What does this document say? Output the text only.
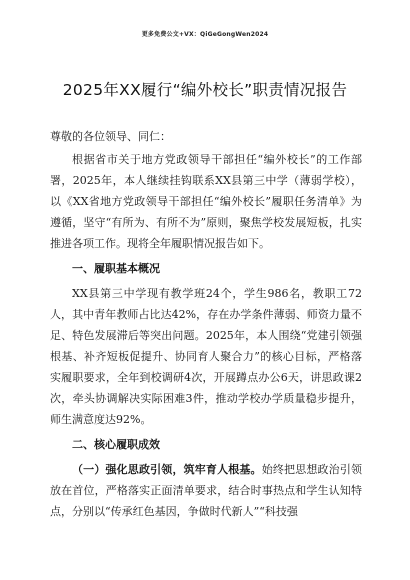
更多免费公文+VX：QiGeGongWen2024
2025年XX履行“编外校长”职责情况报告

尊敬的各位领导、同仁：

根据省市关于地方党政领导干部担任“编外校长”的工作部署，2025年，本人继续挂钩联系XX县第三中学（薄弱学校），以《XX省地方党政领导干部担任“编外校长”履职任务清单》为遵循，坚守“有所为、有所不为”原则，聚焦学校发展短板，扎实推进各项工作。现将全年履职情况报告如下。

一、履职基本概况

XX县第三中学现有教学班24个，学生986名，教职工72人，其中青年教师占比达42%，存在办学条件薄弱、师资力量不足、特色发展滞后等突出问题。2025年，本人围绕“党建引领强根基、补齐短板促提升、协同育人聚合力”的核心目标，严格落实履职要求，全年到校调研4次，开展蹲点办公6天，讲思政课2次，牵头协调解决实际困难3件，推动学校办学质量稳步提升，师生满意度达92%。

二、核心履职成效

（一）强化思政引领，筑牢育人根基。始终把思想政治引领放在首位，严格落实正面清单要求，结合时事热点和学生认知特点，分别以“传承红色基因，争做时代新人”“科技强
